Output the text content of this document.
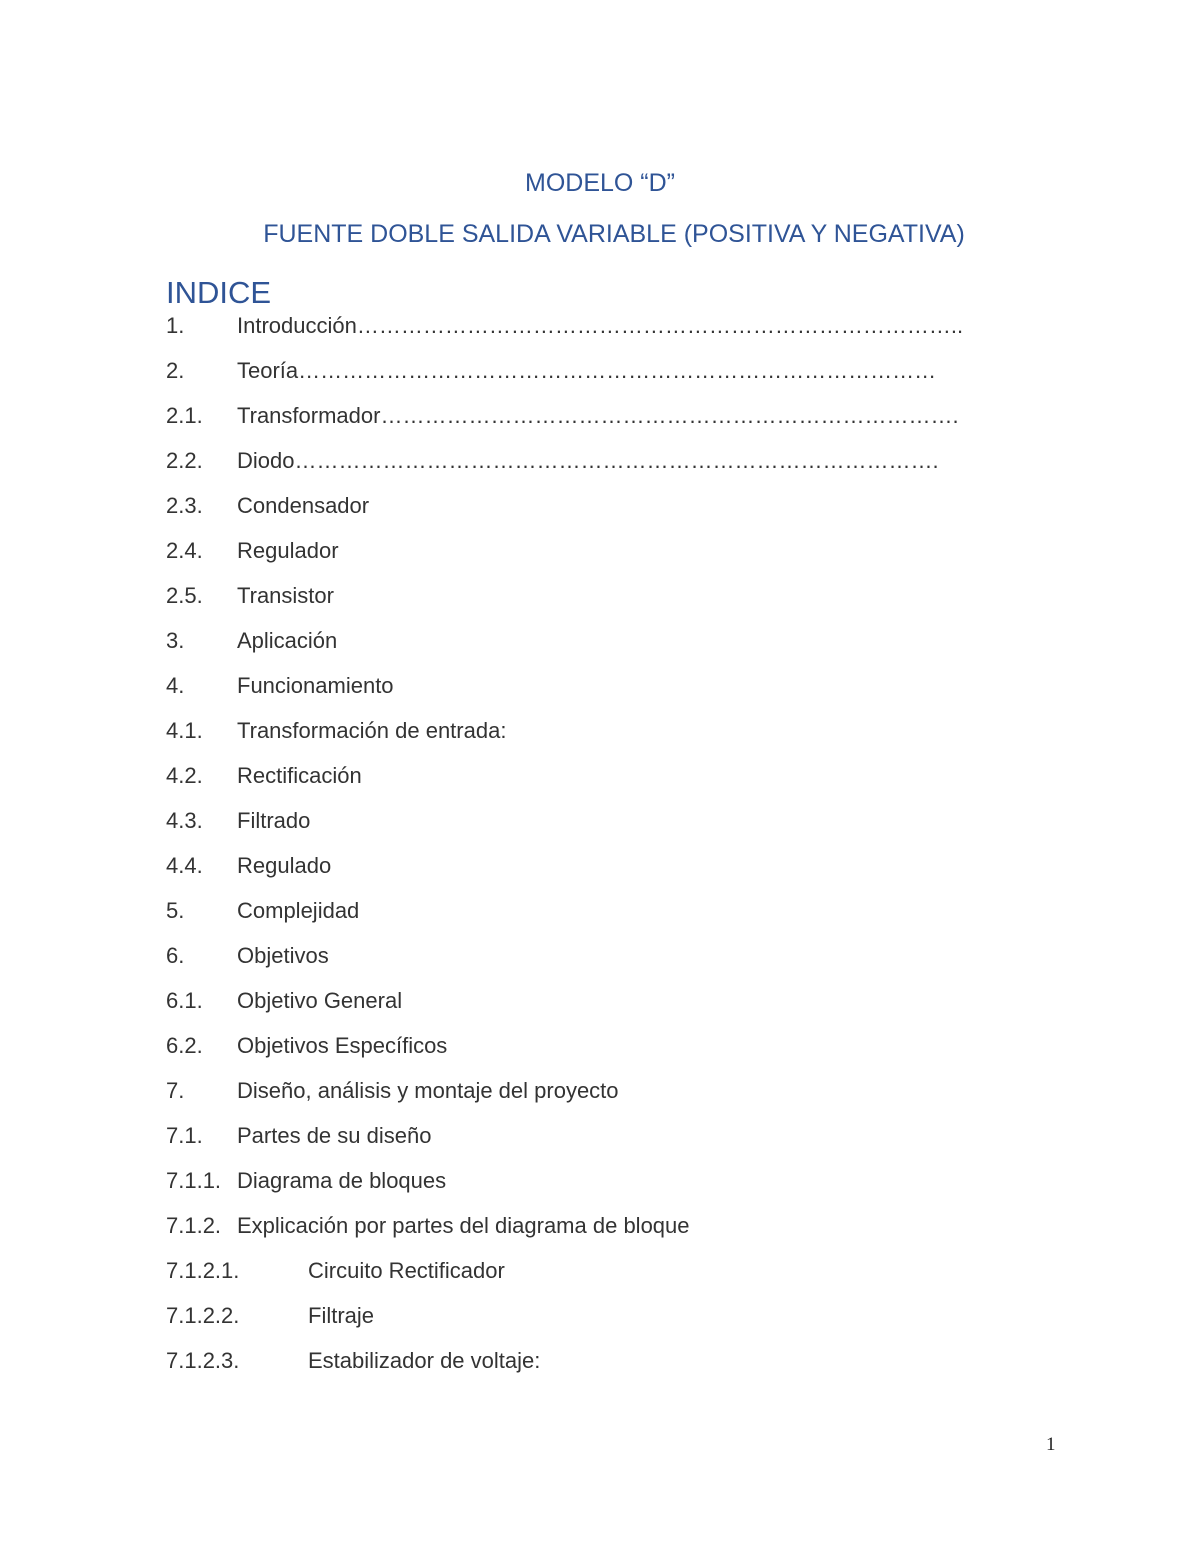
MODELO “D”
FUENTE DOBLE SALIDA VARIABLE (POSITIVA Y NEGATIVA)
INDICE
1. Introducción………………………………………………………………………..
2. Teoría……………………………………………………………………………
2.1. Transformador…………………………………………………………………….
2.2. Diodo…………………………………………………………………………….
2.3. Condensador
2.4. Regulador
2.5. Transistor
3. Aplicación
4. Funcionamiento
4.1. Transformación de entrada:
4.2. Rectificación
4.3. Filtrado
4.4. Regulado
5. Complejidad
6. Objetivos
6.1. Objetivo General
6.2. Objetivos Específicos
7. Diseño, análisis y montaje del proyecto
7.1. Partes de su diseño
7.1.1. Diagrama de bloques
7.1.2. Explicación por partes del diagrama de bloque
7.1.2.1.	Circuito Rectificador
7.1.2.2.	Filtraje
7.1.2.3.	Estabilizador de voltaje:
1
